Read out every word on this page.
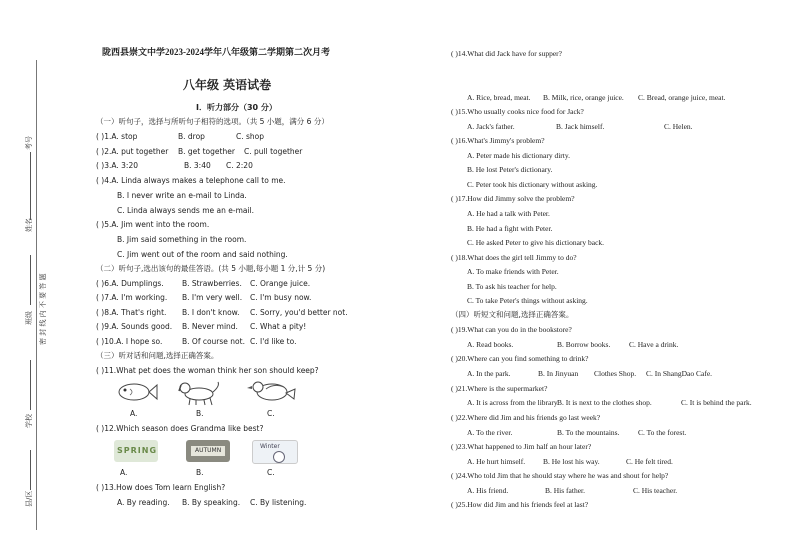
考号
姓名
密 封 线 内 不 要 答 题
班级
学校
县/区
陇西县崇文中学2023-2024学年八年级第二学期第二次月考
八年级 英语试卷
I．听力部分（30 分）
（一）听句子，选择与所听句子相符的选项。（共 5 小题，满分 6 分）
( )1.A. stop	B. drop	C. shop
( )2.A. put together B. get together C. pull together
( )3.A. 3:20	B. 3:40 C. 2:20
( )4.A. Linda always makes a telephone call to me.
B. I never write an e-mail to Linda.
C. Linda always sends me an e-mail.
( )5.A. Jim went into the room.
B. Jim said something in the room.
C. Jim went out of the room and said nothing.
（二）听句子,选出该句的最佳答语。(共 5 小题,每小题 1 分,计 5 分)
( )6.A. Dumplings. B. Strawberries. C. Orange juice.
( )7.A. I'm working. B. I'm very well. C. I'm busy now.
( )8.A. That's right. B. I don't know. C. Sorry, you'd better not.
( )9.A. Sounds good. B. Never mind. C. What a pity!
( )10.A. I hope so.	B. Of course not. C. I'd like to.
（三）听对话和问题,选择正确答案。
( )11.What pet does the woman think her son should keep?
A.	B.	C.
( )12.Which season does Grandma like best?
SPRING	AUTUMN
Winter
A.	B.	C.
( )13.How does Tom learn English?
A. By reading. B. By speaking. C. By listening.
( )14.What did Jack have for supper?
A. Rice, bread, meat. B. Milk, rice, orange juice. C. Bread, orange juice, meat.
( )15.Who usually cooks nice food for Jack?
A. Jack's father.	B. Jack himself.	C. Helen.
( )16.What's Jimmy's problem?
A. Peter made his dictionary dirty.
B. He lost Peter's dictionary.
C. Peter took his dictionary without asking.
( )17.How did Jimmy solve the problem?
A. He had a talk with Peter.
B. He had a fight with Peter.
C. He asked Peter to give his dictionary back.
( )18.What does the girl tell Jimmy to do?
A. To make friends with Peter.
B. To ask his teacher for help.
C. To take Peter's things without asking.
（四）听短文和问题,选择正确答案。
( )19.What can you do in the bookstore?
A. Read books.	B. Borrow books. C. Have a drink.
( )20.Where can you find something to drink?
A. In the park.	B. In Jinyuan Clothes Shop. C. In ShangDao Cafe.
( )21.Where is the supermarket?
A. It is across from the library.
B. It is next to the clothes shop.	C. It is behind the park.
( )22.Where did Jim and his friends go last week?
A. To the river.	B. To the mountains. C. To the forest.
( )23.What happened to Jim half an hour later?
A. He hurt himself. B. He lost his way.	C. He felt tired.
( )24.Who told Jim that he should stay where he was and shout for help?
A. His friend.	B. His father.	C. His teacher.
( )25.How did Jim and his friends feel at last?
